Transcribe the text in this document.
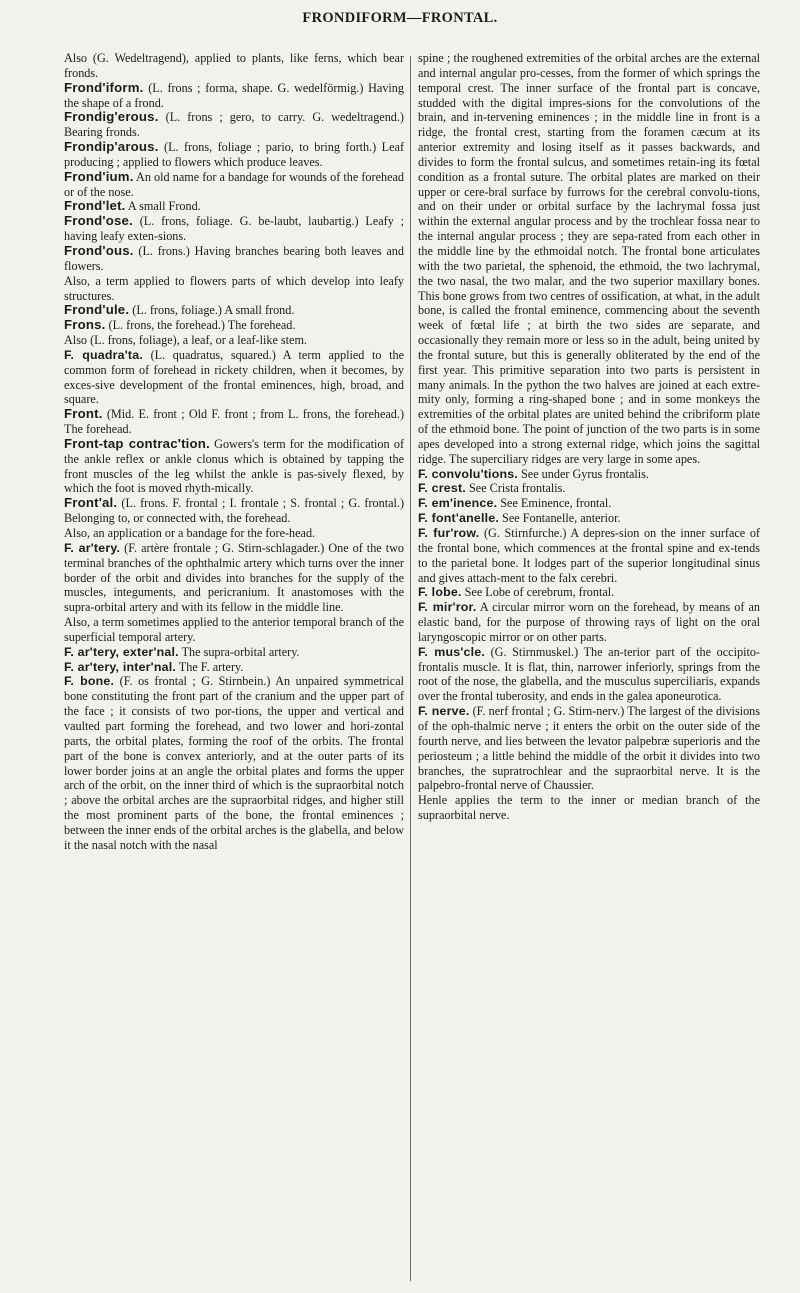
FRONDIFORM—FRONTAL.

Also (G. Wedeltragend), applied to plants, like ferns, which bear fronds.

Frond'iform. (L. frons ; forma, shape. G. wedelförmig.) Having the shape of a frond.

Frondig'erous. (L. frons ; gero, to carry. G. wedeltragend.) Bearing fronds.

Frondip'arous. (L. frons, foliage ; pario, to bring forth.) Leaf producing ; applied to flowers which produce leaves.

Frond'ium. An old name for a bandage for wounds of the forehead or of the nose.

Frond'let. A small Frond.

Frond'ose. (L. frons, foliage. G. be-laubt, laubartig.) Leafy ; having leafy exten-sions.

Frond'ous. (L. frons.) Having branches bearing both leaves and flowers.

Also, a term applied to flowers parts of which develop into leafy structures.

Frond'ule. (L. frons, foliage.) A small frond.

Frons. (L. frons, the forehead.) The forehead.

Also (L. frons, foliage), a leaf, or a leaf-like stem.

F. quadra'ta. (L. quadratus, squared.) A term applied to the common form of forehead in rickety children, when it becomes, by exces-sive development of the frontal eminences, high, broad, and square.

Front. (Mid. E. front ; Old F. front ; from L. frons, the forehead.) The forehead.

Front-tap contrac'tion. Gowers's term for the modification of the ankle reflex or ankle clonus which is obtained by tapping the front muscles of the leg whilst the ankle is pas-sively flexed, by which the foot is moved rhyth-mically.

Front'al. (L. frons. F. frontal ; I. frontale ; S. frontal ; G. frontal.) Belonging to, or connected with, the forehead.

Also, an application or a bandage for the fore-head.

F. ar'tery. (F. artère frontale ; G. Stirn-schlagader.) One of the two terminal branches of the ophthalmic artery which turns over the inner border of the orbit and divides into branches for the supply of the muscles, integuments, and pericranium. It anastomoses with the supra-orbital artery and with its fellow in the middle line.

Also, a term sometimes applied to the anterior temporal branch of the superficial temporal artery.

F. ar'tery, exter'nal. The supra-orbital artery.

F. ar'tery, inter'nal. The F. artery.

F. bone. (F. os frontal ; G. Stirnbein.) An unpaired symmetrical bone constituting the front part of the cranium and the upper part of the face ; it consists of two por-tions, the upper and vertical and vaulted part forming the forehead, and two lower and hori-zontal parts, the orbital plates, forming the roof of the orbits. The frontal part of the bone is convex anteriorly, and at the outer parts of its lower border joins at an angle the orbital plates and forms the upper arch of the orbit, on the inner third of which is the supraorbital notch ; above the orbital arches are the supraorbital ridges, and higher still the most prominent parts of the bone, the frontal eminences ; between the inner ends of the orbital arches is the glabella, and below it the nasal notch with the nasal

spine ; the roughened extremities of the orbital arches are the external and internal angular pro-cesses, from the former of which springs the temporal crest. The inner surface of the frontal part is concave, studded with the digital impres-sions for the convolutions of the brain, and in-tervening eminences ; in the middle line in front is a ridge, the frontal crest, starting from the foramen cæcum at its anterior extremity and losing itself as it passes backwards, and divides to form the frontal sulcus, and sometimes retain-ing its fœtal condition as a frontal suture. The orbital plates are marked on their upper or cere-bral surface by furrows for the cerebral convolu-tions, and on their under or orbital surface by the lachrymal fossa just within the external angular process and by the trochlear fossa near to the internal angular process ; they are sepa-rated from each other in the middle line by the ethmoidal notch. The frontal bone articulates with the two parietal, the sphenoid, the ethmoid, the two lachrymal, the two nasal, the two malar, and the two superior maxillary bones. This bone grows from two centres of ossification, at what, in the adult bone, is called the frontal eminence, commencing about the seventh week of fœtal life ; at birth the two sides are separate, and occasionally they remain more or less so in the adult, being united by the frontal suture, but this is generally obliterated by the end of the first year. This primitive separation into two parts is persistent in many animals. In the python the two halves are joined at each extre-mity only, forming a ring-shaped bone ; and in some monkeys the extremities of the orbital plates are united behind the cribriform plate of the ethmoid bone. The point of junction of the two parts is in some apes developed into a strong external ridge, which joins the sagittal ridge. The superciliary ridges are very large in some apes.

F. convolu'tions. See under Gyrus frontalis.

F. crest. See Crista frontalis.

F. em'inence. See Eminence, frontal.

F. font'anelle. See Fontanelle, anterior.

F. fur'row. (G. Stirnfurche.) A depres-sion on the inner surface of the frontal bone, which commences at the frontal spine and ex-tends to the parietal bone. It lodges part of the superior longitudinal sinus and gives attach-ment to the falx cerebri.

F. lobe. See Lobe of cerebrum, frontal.

F. mir'ror. A circular mirror worn on the forehead, by means of an elastic band, for the purpose of throwing rays of light on the oral laryngoscopic mirror or on other parts.

F. mus'cle. (G. Stirnmuskel.) The an-terior part of the occipito-frontalis muscle. It is flat, thin, narrower inferiorly, springs from the root of the nose, the glabella, and the musculus superciliaris, expands over the frontal tuberosity, and ends in the galea aponeurotica.

F. nerve. (F. nerf frontal ; G. Stirn-nerv.) The largest of the divisions of the oph-thalmic nerve ; it enters the orbit on the outer side of the fourth nerve, and lies between the levator palpebræ superioris and the periosteum ; a little behind the middle of the orbit it divides into two branches, the supratrochlear and the supraorbital nerve. It is the palpebro-frontal nerve of Chaussier.

Henle applies the term to the inner or median branch of the supraorbital nerve.
